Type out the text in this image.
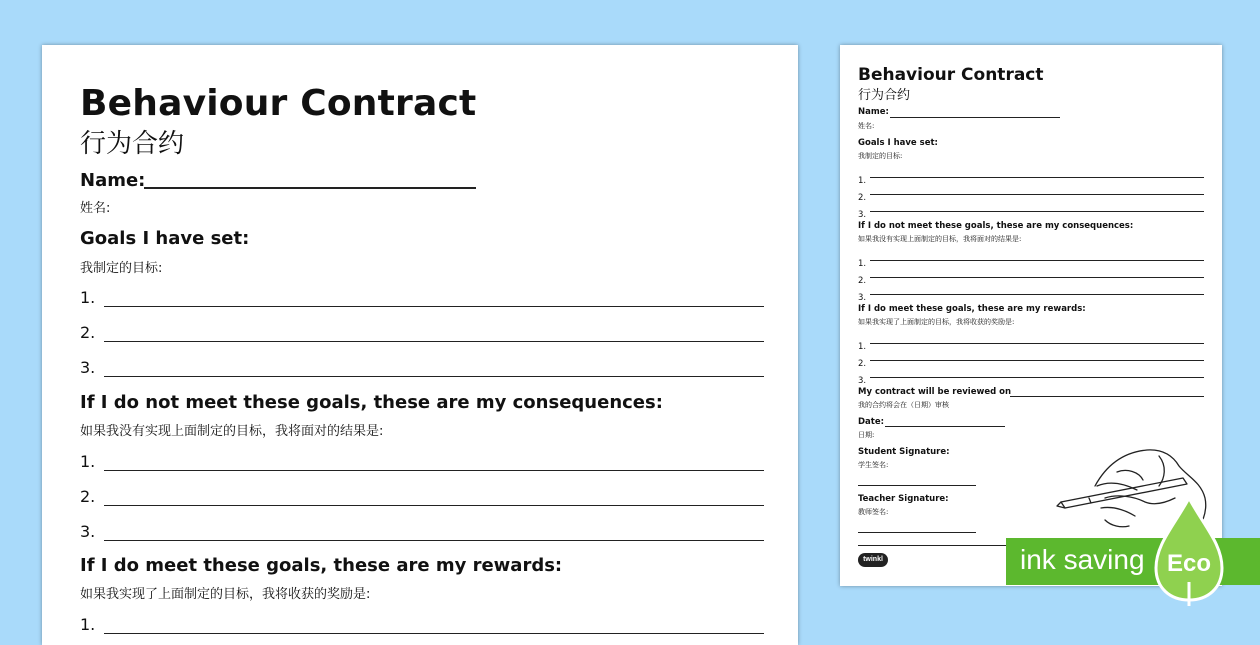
Behaviour Contract
行为合约
Name:
姓名:
Goals I have set:
我制定的目标:
1.
2.
3.
If I do not meet these goals, these are my consequences:
如果我没有实现上面制定的目标，我将面对的结果是:
1.
2.
3.
If I do meet these goals, these are my rewards:
如果我实现了上面制定的目标，我将收获的奖励是:
1.
Behaviour Contract
行为合约
Name:
姓名:
Goals I have set:
我制定的目标:
1.
2.
3.
If I do not meet these goals, these are my consequences:
如果我没有实现上面制定的目标，我将面对的结果是:
1.
2.
3.
If I do meet these goals, these are my rewards:
如果我实现了上面制定的目标，我将收获的奖励是:
1.
2.
3.
My contract will be reviewed on
我的合约将会在（日期）审核
Date:
日期:
Student Signature:
学生签名:
Teacher Signature:
教师签名:
twinkl	ink saving Eco
